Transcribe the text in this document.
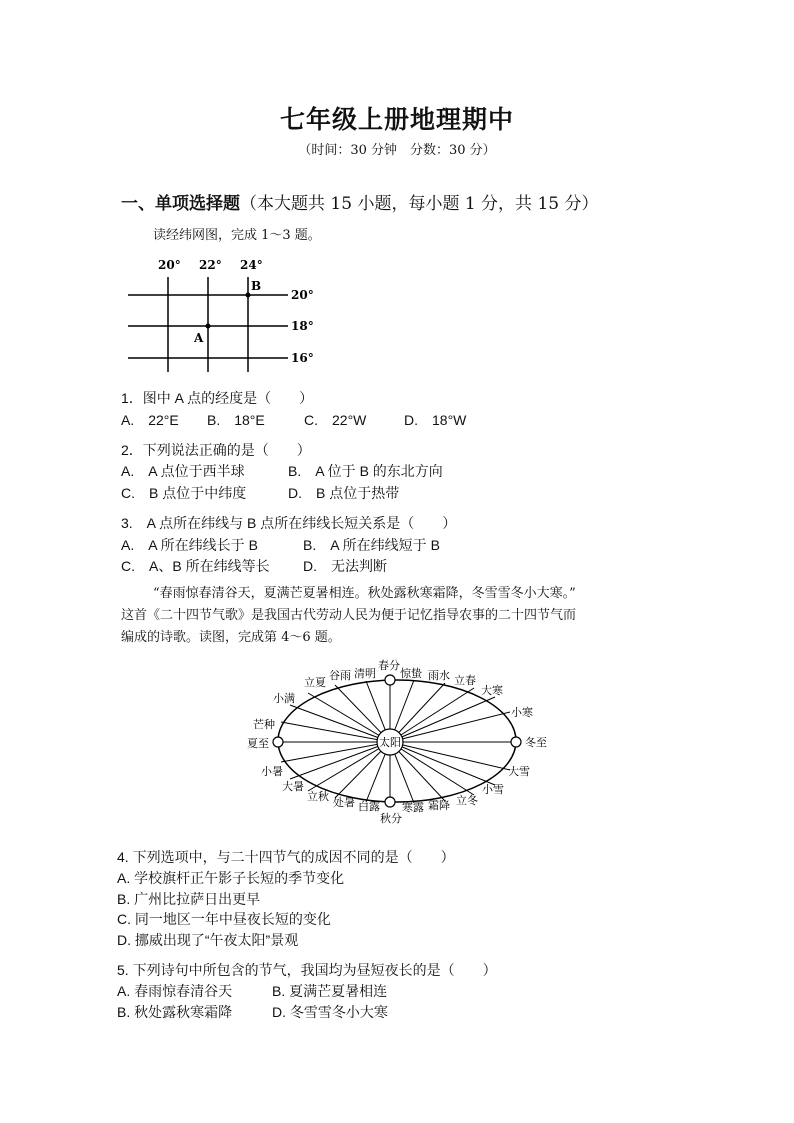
七年级上册地理期中
（时间：30 分钟　分数：30 分）
一、单项选择题（本大题共 15 小题，每小题 1 分，共 15 分）
读经纬网图，完成 1～3 题。
20° 22° 24°
20°
18°
16°
A
B
1．图中 A 点的经度是（　　）
A.　22°E B.　18°E	C.　22°W	D.　18°W
2．下列说法正确的是（　　）
A.　A 点位于西半球	B.　A 位于 B 的东北方向
C.　B 点位于中纬度	D.　B 点位于热带
3.　A 点所在纬线与 B 点所在纬线长短关系是（　　）
A.　A 所在纬线长于 B	B.　A 所在纬线短于 B
C.　A、B 所在纬线等长 D.　无法判断
“春雨惊春清谷天，夏满芒夏暑相连。秋处露秋寒霜降，冬雪雪冬小大寒。”
这首《二十四节气歌》是我国古代劳动人民为便于记忆指导农事的二十四节气而
编成的诗歌。读图，完成第 4～6 题。
太阳
春分
惊蛰 雨水 立春
大寒
小寒
冬至
大雪
小雪
立冬
霜降
寒露
秋分
白露
处暑
立秋
大暑
小暑
夏至
芒种
小满
立夏
谷雨 清明
4. 下列选项中，与二十四节气的成因不同的是（　　）
A. 学校旗杆正午影子长短的季节变化
B. 广州比拉萨日出更早
C. 同一地区一年中昼夜长短的变化
D. 挪威出现了“午夜太阳”景观
5. 下列诗句中所包含的节气，我国均为昼短夜长的是（　　）
A. 春雨惊春清谷天	B. 夏满芒夏暑相连
B. 秋处露秋寒霜降	D. 冬雪雪冬小大寒
